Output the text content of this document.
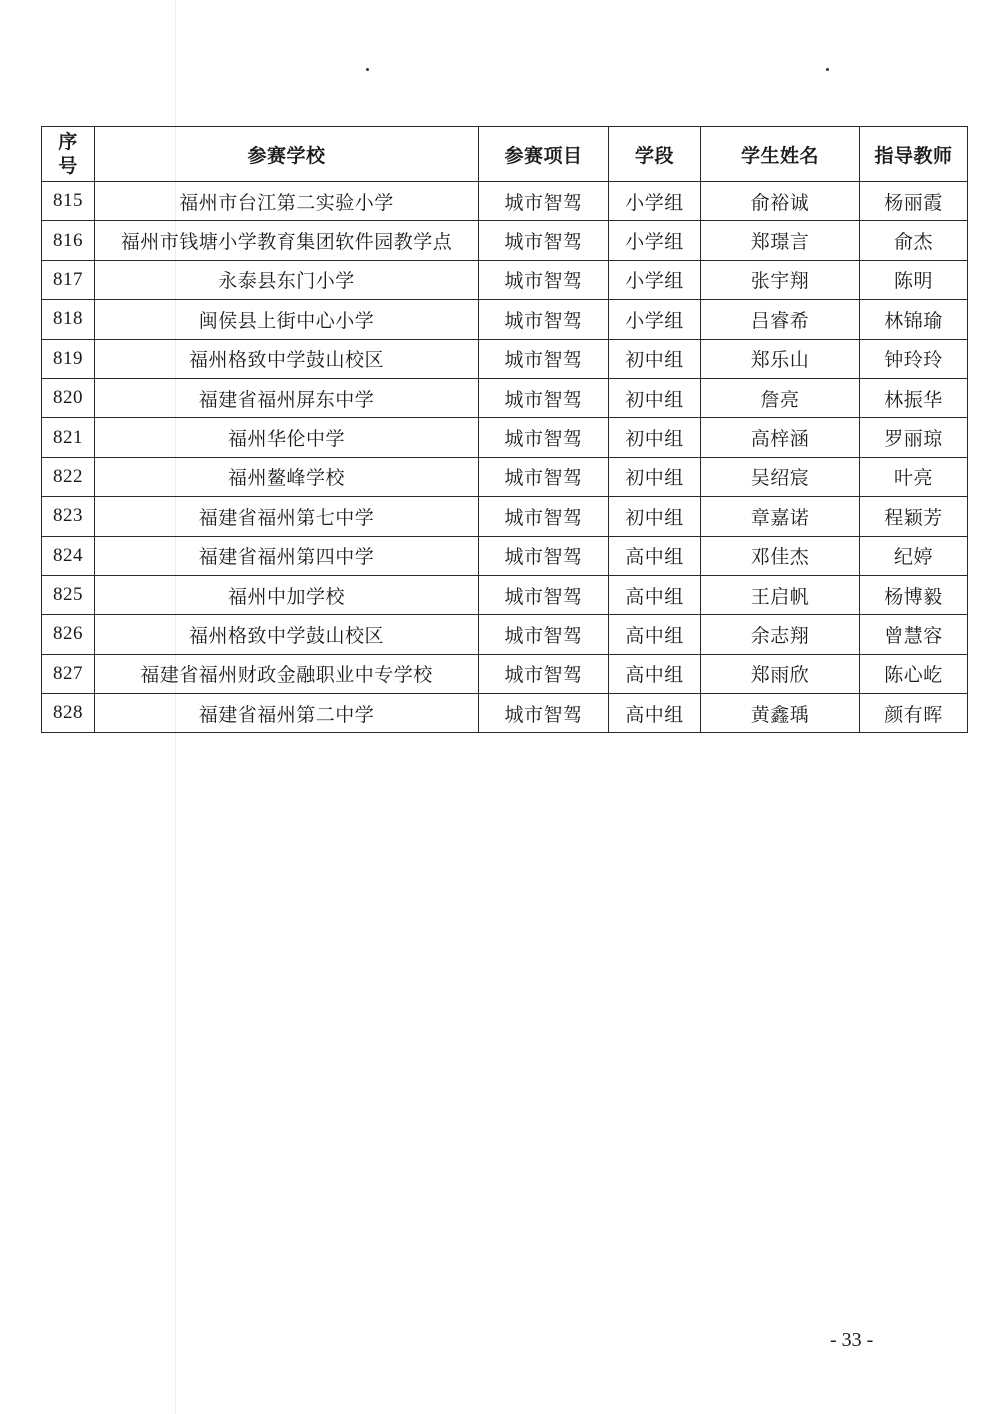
序
号	参赛学校	参赛项目	学段	学生姓名	指导教师
815	福州市台江第二实验小学	城市智驾	小学组	俞裕诚	杨丽霞
816	福州市钱塘小学教育集团软件园教学点	城市智驾	小学组	郑璟言	俞杰
817	永泰县东门小学	城市智驾	小学组	张宇翔	陈明
818	闽侯县上街中心小学	城市智驾	小学组	吕睿希	林锦瑜
819	福州格致中学鼓山校区	城市智驾	初中组	郑乐山	钟玲玲
820	福建省福州屏东中学	城市智驾	初中组	詹亮	林振华
821	福州华伦中学	城市智驾	初中组	高梓涵	罗丽琼
822	福州鳌峰学校	城市智驾	初中组	吴绍宸	叶亮
823	福建省福州第七中学	城市智驾	初中组	章嘉诺	程颖芳
824	福建省福州第四中学	城市智驾	高中组	邓佳杰	纪婷
825	福州中加学校	城市智驾	高中组	王启帆	杨博毅
826	福州格致中学鼓山校区	城市智驾	高中组	余志翔	曾慧容
827	福建省福州财政金融职业中专学校	城市智驾	高中组	郑雨欣	陈心屹
828	福建省福州第二中学	城市智驾	高中组	黄鑫瑀	颜有晖
- 33 -
